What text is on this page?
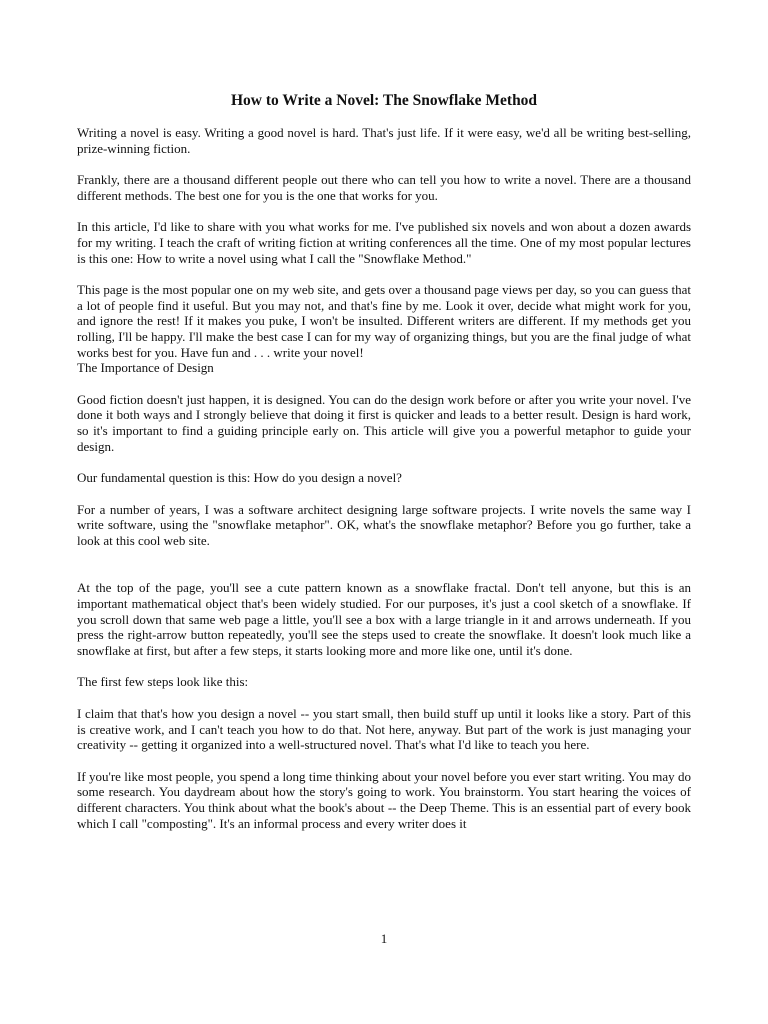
How to Write a Novel: The Snowflake Method

Writing a novel is easy. Writing a good novel is hard. That's just life. If it were easy, we'd all be writing best-selling, prize-winning fiction.

Frankly, there are a thousand different people out there who can tell you how to write a novel. There are a thousand different methods. The best one for you is the one that works for you.

In this article, I'd like to share with you what works for me. I've published six novels and won about a dozen awards for my writing. I teach the craft of writing fiction at writing conferences all the time. One of my most popular lectures is this one: How to write a novel using what I call the "Snowflake Method."

This page is the most popular one on my web site, and gets over a thousand page views per day, so you can guess that a lot of people find it useful. But you may not, and that's fine by me. Look it over, decide what might work for you, and ignore the rest! If it makes you puke, I won't be insulted. Different writers are different. If my methods get you rolling, I'll be happy. I'll make the best case I can for my way of organizing things, but you are the final judge of what works best for you. Have fun and . . . write your novel!

The Importance of Design

Good fiction doesn't just happen, it is designed. You can do the design work before or after you write your novel. I've done it both ways and I strongly believe that doing it first is quicker and leads to a better result. Design is hard work, so it's important to find a guiding principle early on. This article will give you a powerful metaphor to guide your design.

Our fundamental question is this: How do you design a novel?

For a number of years, I was a software architect designing large software projects. I write novels the same way I write software, using the "snowflake metaphor". OK, what's the snowflake metaphor? Before you go further, take a look at this cool web site.

At the top of the page, you'll see a cute pattern known as a snowflake fractal. Don't tell anyone, but this is an important mathematical object that's been widely studied. For our purposes, it's just a cool sketch of a snowflake. If you scroll down that same web page a little, you'll see a box with a large triangle in it and arrows underneath. If you press the right-arrow button repeatedly, you'll see the steps used to create the snowflake. It doesn't look much like a snowflake at first, but after a few steps, it starts looking more and more like one, until it's done.

The first few steps look like this:

I claim that that's how you design a novel -- you start small, then build stuff up until it looks like a story. Part of this is creative work, and I can't teach you how to do that. Not here, anyway. But part of the work is just managing your creativity -- getting it organized into a well-structured novel. That's what I'd like to teach you here.

If you're like most people, you spend a long time thinking about your novel before you ever start writing. You may do some research. You daydream about how the story's going to work. You brainstorm. You start hearing the voices of different characters. You think about what the book's about -- the Deep Theme. This is an essential part of every book which I call "composting". It's an informal process and every writer does it

1
